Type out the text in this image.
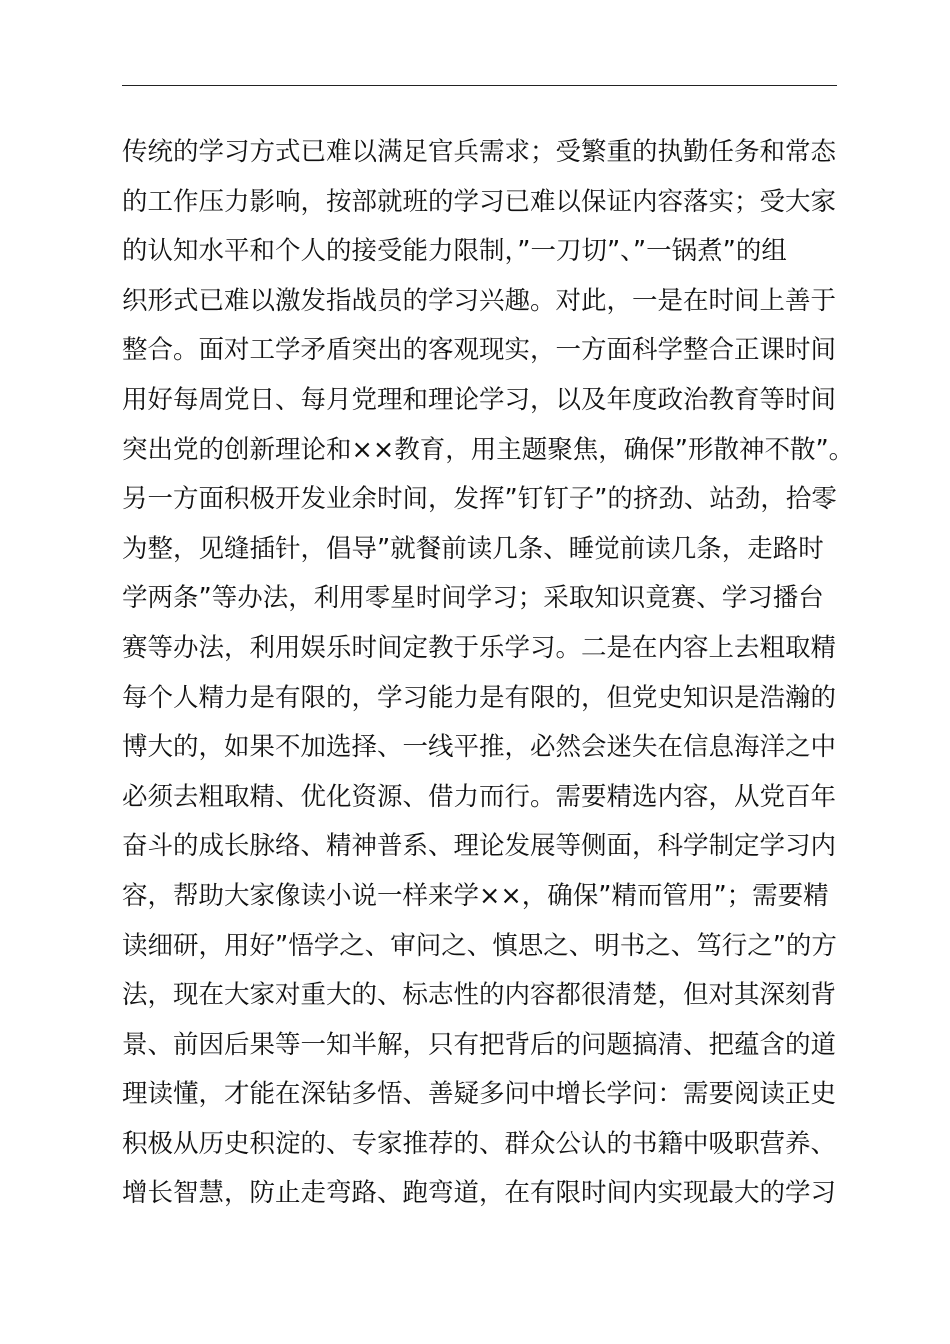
传统的学习方式已难以满足官兵需求；受繁重的执勤任务和常态
的工作压力影响，按部就班的学习已难以保证内容落实；受大家
的认知水平和个人的接受能力限制，”一刀切”、”一锅煮”的组
织形式已难以激发指战员的学习兴趣。对此，一是在时间上善于
整合。面对工学矛盾突出的客观现实，一方面科学整合正课时间
用好每周党日、每月党理和理论学习，以及年度政治教育等时间
突出党的创新理论和××教育，用主题聚焦，确保”形散神不散”。
另一方面积极开发业余时间，发挥”钉钉子”的挤劲、站劲，拾零
为整，见缝插针，倡导”就餐前读几条、睡觉前读几条，走路时
学两条”等办法，利用零星时间学习；采取知识竟赛、学习播台
赛等办法，利用娱乐时间定教于乐学习。二是在内容上去粗取精
每个人精力是有限的，学习能力是有限的，但党史知识是浩瀚的
博大的，如果不加选择、一线平推，必然会迷失在信息海洋之中
必须去粗取精、优化资源、借力而行。需要精选内容，从党百年
奋斗的成长脉络、精神普系、理论发展等侧面，科学制定学习内
容，帮助大家像读小说一样来学××，确保”精而管用”；需要精
读细研，用好”悟学之、审问之、慎思之、明书之、笃行之”的方
法，现在大家对重大的、标志性的内容都很清楚，但对其深刻背
景、前因后果等一知半解，只有把背后的问题搞清、把蕴含的道
理读懂，才能在深钻多悟、善疑多问中增长学问：需要阅读正史
积极从历史积淀的、专家推荐的、群众公认的书籍中吸职营养、
增长智慧，防止走弯路、跑弯道，在有限时间内实现最大的学习
